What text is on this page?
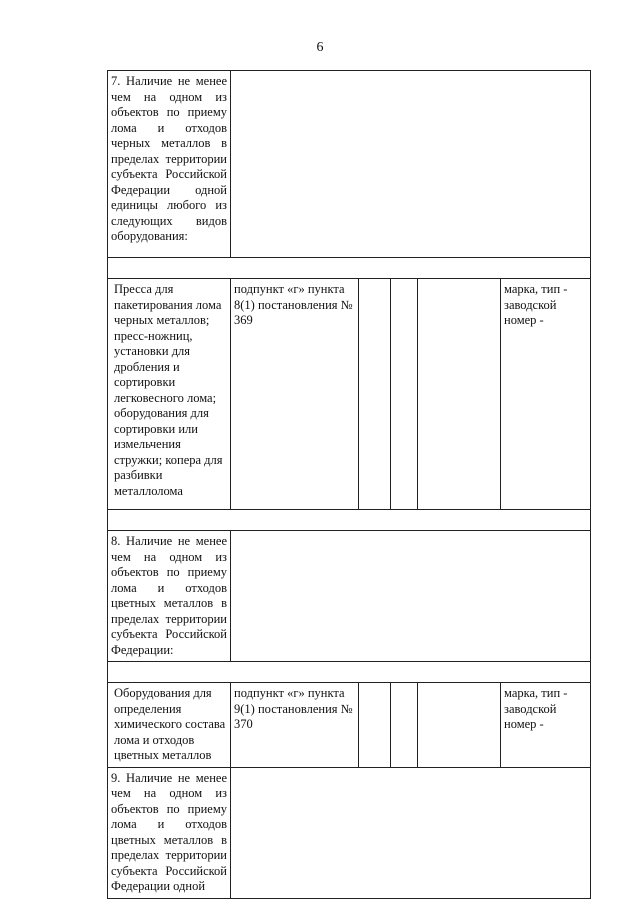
6
7. Наличие не менее чем на одном из объектов по приему лома и отходов черных металлов в пределах территории субъекта Российской Федерации одной единицы любого из следующих видов оборудования:					

Пресса для пакетирования лома черных металлов; пресс-ножниц, установки для дробления и сортировки легковесного лома; оборудования для сортировки или измельчения стружки; копера для разбивки металлолома	подпункт «г» пункта 8(1) постановления № 369				марка, тип - заводской номер -

8. Наличие не менее чем на одном из объектов по приему лома и отходов цветных металлов в пределах территории субъекта Российской Федерации:					

Оборудования для определения химического состава лома и отходов цветных металлов	подпункт «г» пункта 9(1) постановления № 370				марка, тип - заводской номер -
9. Наличие не менее чем на одном из объектов по приему лома и отходов цветных металлов в пределах территории субъекта Российской Федерации одной					
